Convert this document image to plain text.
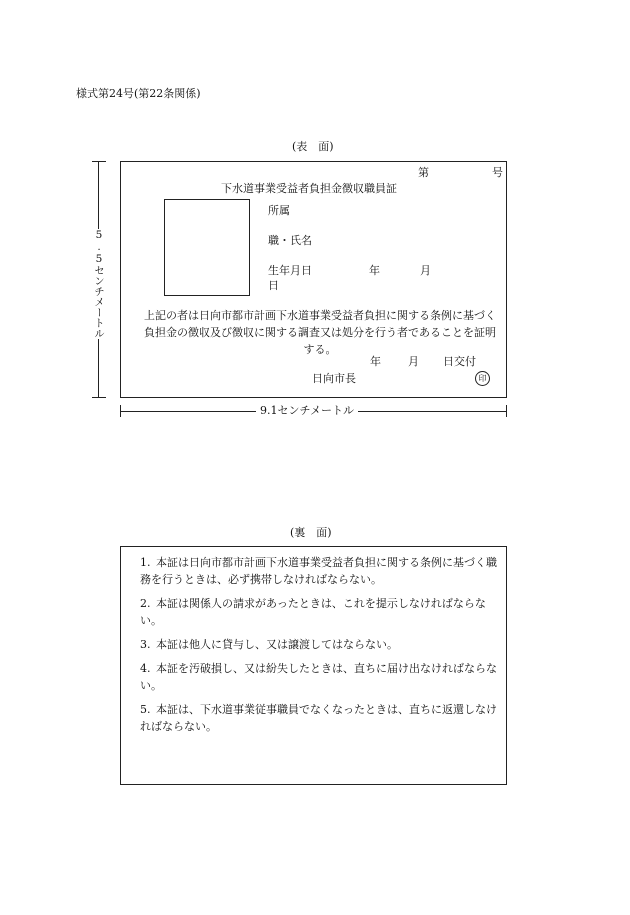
様式第24号(第22条関係)
(表　面)
第	号
下水道事業受益者負担金徴収職員証
所属
職・氏名
生年月日	年	月
日
上記の者は日向市都市計画下水道事業受益者負担に関する条例に基づく負担金の徴収及び徴収に関する調査又は処分を行う者であることを証明する。
年 月 日交付
日向市長	印
5.5センチメートル
9.1センチメートル
(裏　面)
1. 本証は日向市都市計画下水道事業受益者負担に関する条例に基づく職務を行うときは、必ず携帯しなければならない。
2. 本証は関係人の請求があったときは、これを提示しなければならない。
3. 本証は他人に貸与し、又は譲渡してはならない。
4. 本証を汚破損し、又は紛失したときは、直ちに届け出なければならない。
5. 本証は、下水道事業従事職員でなくなったときは、直ちに返還しなければならない。
